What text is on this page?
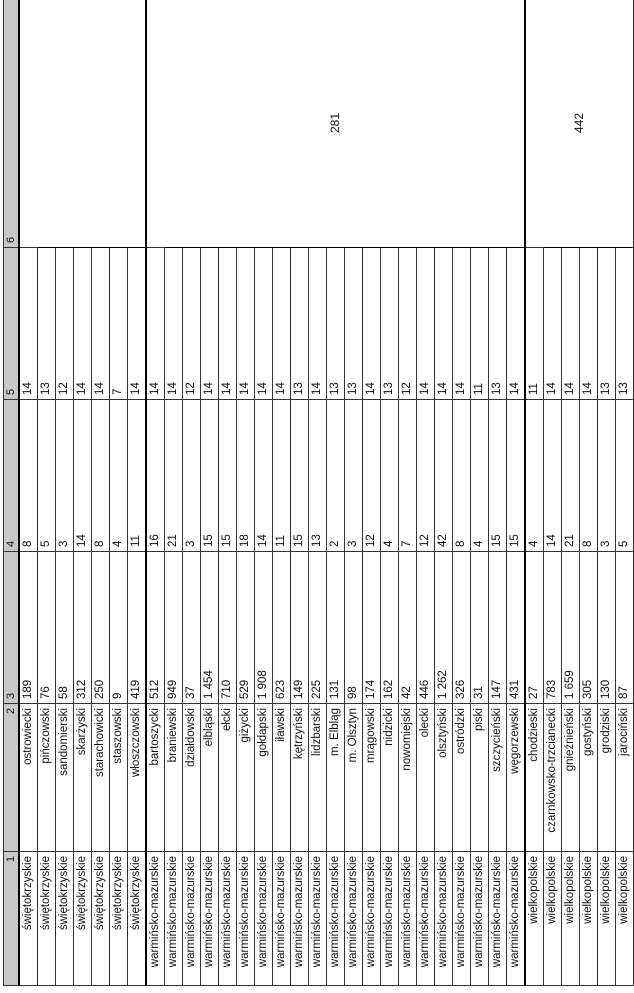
1	2	3	4	5	6
świętokrzyskie	ostrowiecki	189	8	14	
świętokrzyskie	pińczowski	76	5	13	
świętokrzyskie	sandomierski	58	3	12	
świętokrzyskie	skarżyski	312	14	14	
świętokrzyskie	starachowicki	250	8	14	
świętokrzyskie	staszowski	9	4	7	
świętokrzyskie	włoszczowski	419	11	14	
warmińsko-mazurskie	bartoszycki	512	16	14	281
warmińsko-mazurskie	braniewski	949	21	14	
warmińsko-mazurskie	działdowski	37	3	12	
warmińsko-mazurskie	elbląski	1 454	15	14	
warmińsko-mazurskie	ełcki	710	15	14	
warmińsko-mazurskie	giżycki	529	18	14	
warmińsko-mazurskie	gołdapski	1 908	14	14	
warmińsko-mazurskie	iławski	623	11	14	
warmińsko-mazurskie	kętrzyński	149	15	13	
warmińsko-mazurskie	lidzbarski	225	13	14	
warmińsko-mazurskie	m. Elbląg	131	2	13	
warmińsko-mazurskie	m. Olsztyn	98	3	13	
warmińsko-mazurskie	mrągowski	174	12	14	
warmińsko-mazurskie	nidzicki	162	4	13	
warmińsko-mazurskie	nowomiejski	42	7	12	
warmińsko-mazurskie	olecki	446	12	14	
warmińsko-mazurskie	olsztyński	1 262	42	14	
warmińsko-mazurskie	ostródzki	326	8	14	
warmińsko-mazurskie	piski	31	4	11	
warmińsko-mazurskie	szczycieński	147	15	13	
warmińsko-mazurskie	węgorzewski	431	15	14	
wielkopolskie	chodzieski	27	4	11	442
wielkopolskie	czarnkowsko-trzcianecki	783	14	14	
wielkopolskie	gnieźnieński	1 659	21	14	
wielkopolskie	gostyński	305	8	14	
wielkopolskie	grodziski	130	3	13	
wielkopolskie	jarociński	87	5	13	
